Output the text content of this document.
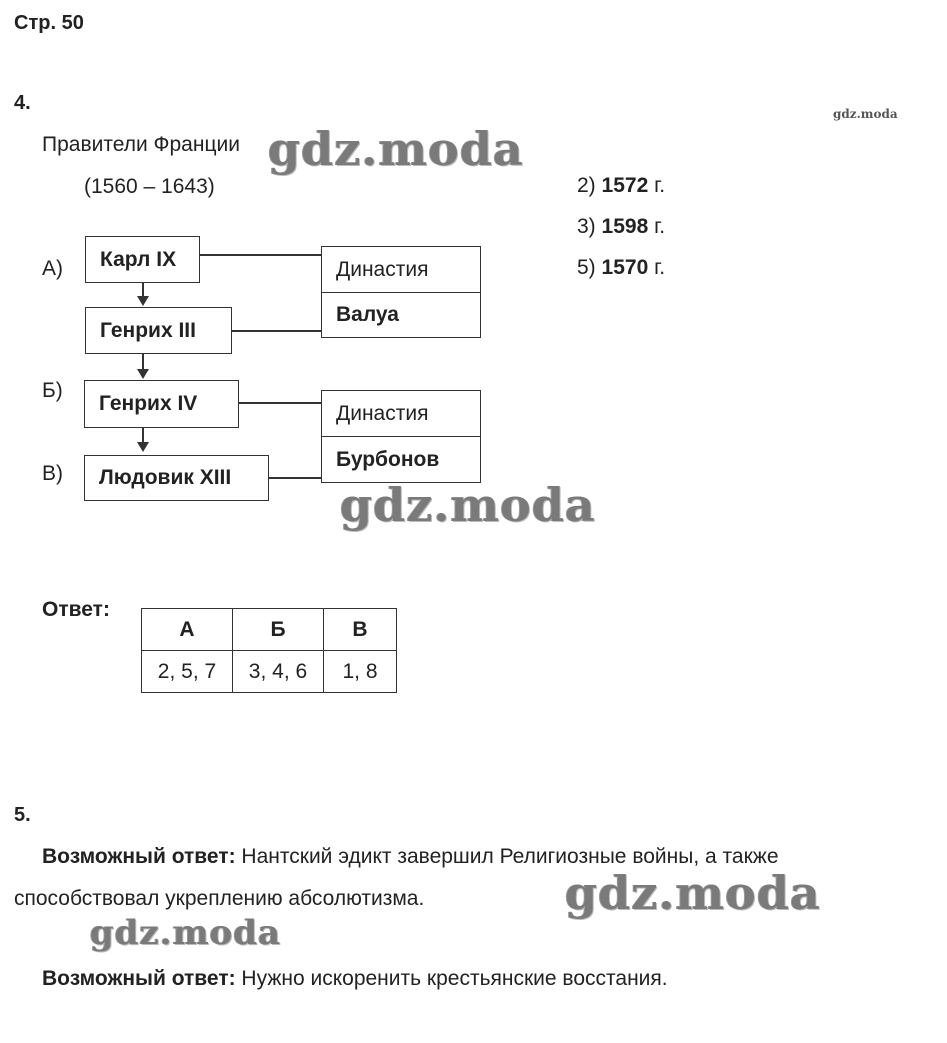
Стр. 50
4.	gdz.moda
Правители Франции
(1560 – 1643)	2) 1572 г.
3) 1598 г.
5) 1570 г.
А)
Б)
В)
Карл IX
Генрих III
Генрих IV
Людовик XIII
Династия
Валуа
Династия
Бурбонов
gdz.moda
gdz.moda
Ответ:
А	Б	В
2, 5, 7	3, 4, 6	1, 8
5.
Возможный ответ: Нантский эдикт завершил Религиозные войны, а также
способствовал укреплению абсолютизма.	gdz.moda
gdz.moda
Возможный ответ: Нужно искоренить крестьянские восстания.
